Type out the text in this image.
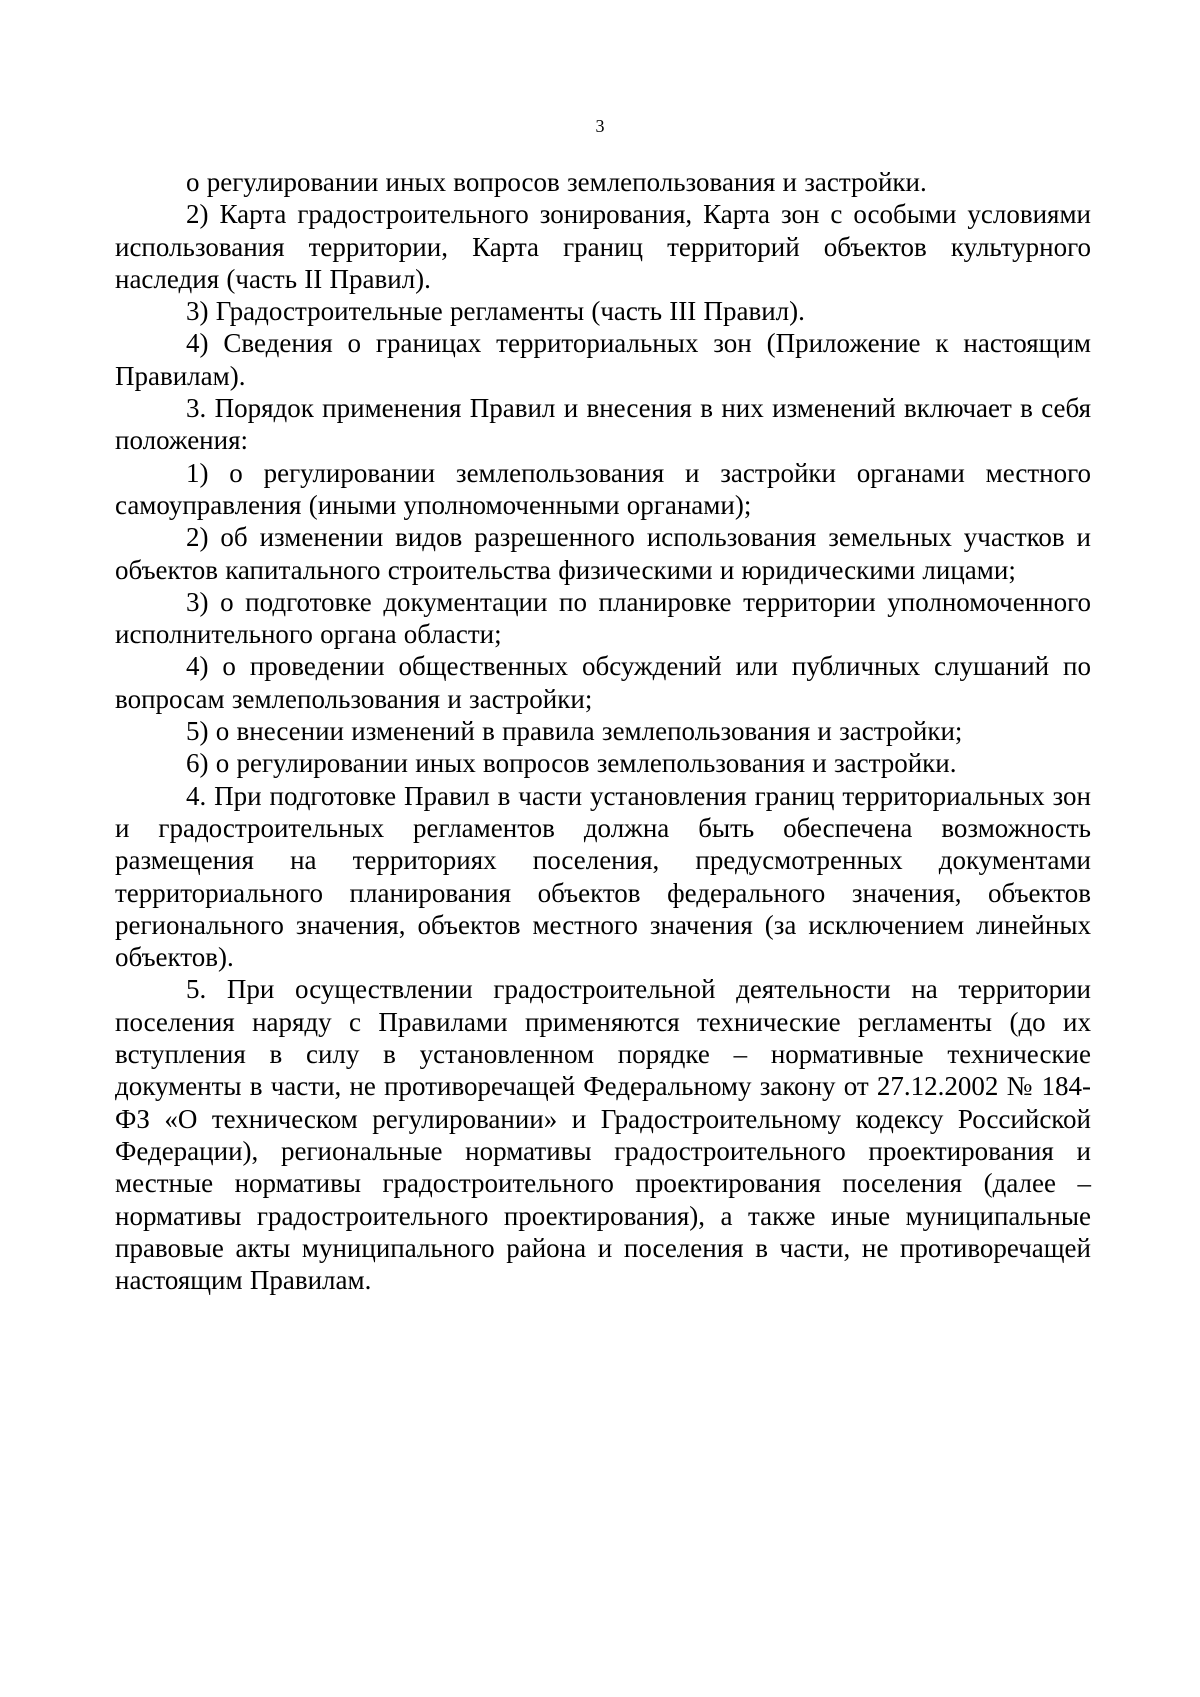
3

о регулировании иных вопросов землепользования и застройки.

2) Карта градостроительного зонирования, Карта зон с особыми условиями использования территории, Карта границ территорий объектов культурного наследия (часть II Правил).

3) Градостроительные регламенты (часть III Правил).

4) Сведения о границах территориальных зон (Приложение к настоящим Правилам).

3. Порядок применения Правил и внесения в них изменений включает в себя положения:

1) о регулировании землепользования и застройки органами местного самоуправления (иными уполномоченными органами);

2) об изменении видов разрешенного использования земельных участков и объектов капитального строительства физическими и юридическими лицами;

3) о подготовке документации по планировке территории уполномоченного исполнительного органа области;

4) о проведении общественных обсуждений или публичных слушаний по вопросам землепользования и застройки;

5) о внесении изменений в правила землепользования и застройки;

6) о регулировании иных вопросов землепользования и застройки.

4. При подготовке Правил в части установления границ территориальных зон и градостроительных регламентов должна быть обеспечена возможность размещения на территориях поселения, предусмотренных документами территориального планирования объектов федерального значения, объектов регионального значения, объектов местного значения (за исключением линейных объектов).

5. При осуществлении градостроительной деятельности на территории поселения наряду с Правилами применяются технические регламенты (до их вступления в силу в установленном порядке – нормативные технические документы в части, не противоречащей Федеральному закону от 27.12.2002 № 184-ФЗ «О техническом регулировании» и Градостроительному кодексу Российской Федерации), региональные нормативы градостроительного проектирования и местные нормативы градостроительного проектирования поселения (далее – нормативы градостроительного проектирования), а также иные муниципальные правовые акты муниципального района и поселения в части, не противоречащей настоящим Правилам.
